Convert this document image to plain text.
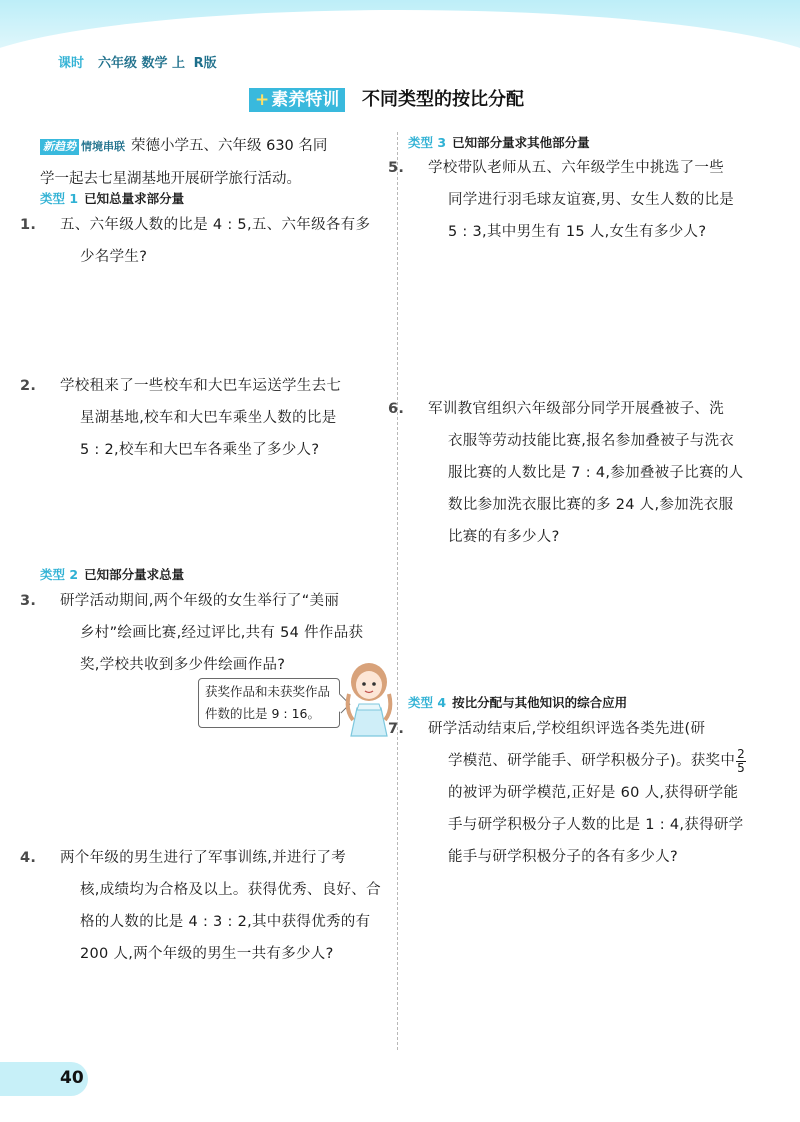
课时 六年级 数学 上 R版
+ 素养特训	不同类型的按比分配
新趋势 情境串联 荣德小学五、六年级 630 名同
学一起去七星湖基地开展研学旅行活动。
类型 1 已知总量求部分量
1. 五、六年级人数的比是 4 : 5,五、六年级各有多
少名学生?
2. 学校租来了一些校车和大巴车运送学生去七
星湖基地,校车和大巴车乘坐人数的比是
5 : 2,校车和大巴车各乘坐了多少人?
类型 2 已知部分量求总量
3. 研学活动期间,两个年级的女生举行了“美丽
乡村”绘画比赛,经过评比,共有 54 件作品获
奖,学校共收到多少件绘画作品?
获奖作品和未获奖作品
件数的比是 9 : 16。
4. 两个年级的男生进行了军事训练,并进行了考
核,成绩均为合格及以上。获得优秀、良好、合
格的人数的比是 4 : 3 : 2,其中获得优秀的有
200 人,两个年级的男生一共有多少人?
类型 3 已知部分量求其他部分量
5. 学校带队老师从五、六年级学生中挑选了一些
同学进行羽毛球友谊赛,男、女生人数的比是
5 : 3,其中男生有 15 人,女生有多少人?
6. 军训教官组织六年级部分同学开展叠被子、洗
衣服等劳动技能比赛,报名参加叠被子与洗衣
服比赛的人数比是 7 : 4,参加叠被子比赛的人
数比参加洗衣服比赛的多 24 人,参加洗衣服
比赛的有多少人?
类型 4 按比分配与其他知识的综合应用
7. 研学活动结束后,学校组织评选各类先进(研
学模范、研学能手、研学积极分子)。获奖中 $\frac{2}{5}$
的被评为研学模范,正好是 60 人,获得研学能
手与研学积极分子人数的比是 1 : 4,获得研学
能手与研学积极分子的各有多少人?
40
